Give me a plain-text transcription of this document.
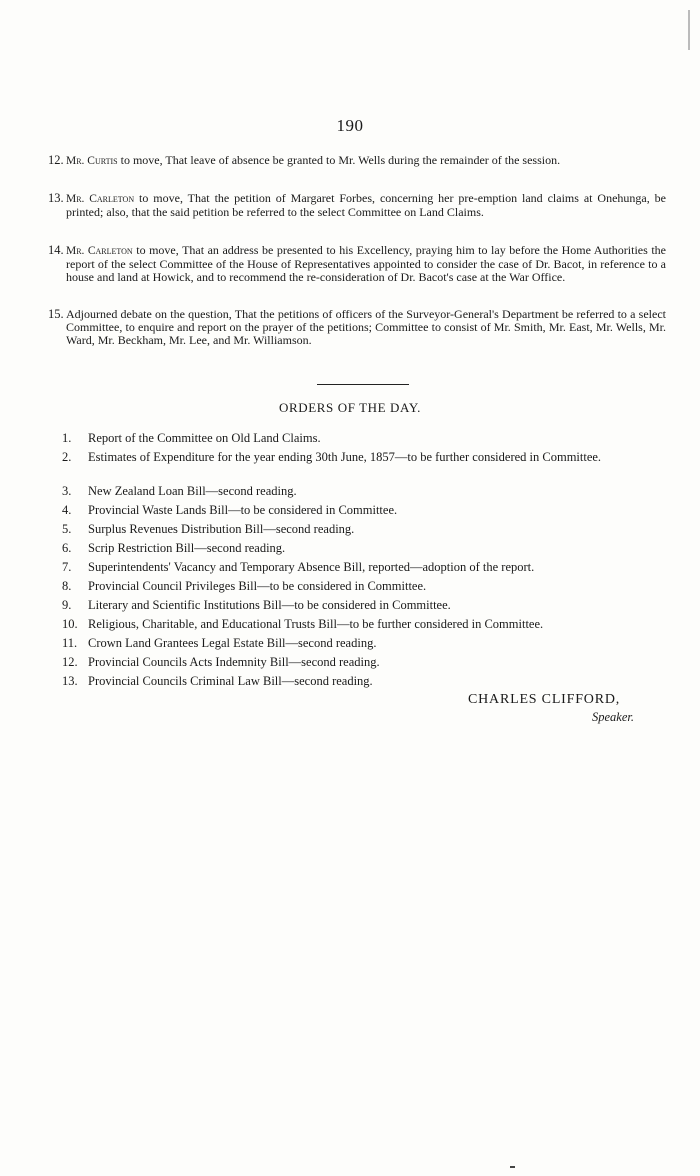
190
12. Mr. Curtis to move, That leave of absence be granted to Mr. Wells during the remainder of the session.
13. Mr. Carleton to move, That the petition of Margaret Forbes, concerning her pre-emption land claims at Onehunga, be printed; also, that the said petition be referred to the select Committee on Land Claims.
14. Mr. Carleton to move, That an address be presented to his Excellency, praying him to lay before the Home Authorities the report of the select Committee of the House of Representatives appointed to consider the case of Dr. Bacot, in reference to a house and land at Howick, and to recommend the re-consideration of Dr. Bacot's case at the War Office.
15. Adjourned debate on the question, That the petitions of officers of the Surveyor-General's Department be referred to a select Committee, to enquire and report on the prayer of the petitions; Committee to consist of Mr. Smith, Mr. East, Mr. Wells, Mr. Ward, Mr. Beckham, Mr. Lee, and Mr. Williamson.
ORDERS OF THE DAY.
1. Report of the Committee on Old Land Claims.
2. Estimates of Expenditure for the year ending 30th June, 1857—to be further considered in Committee.
3. New Zealand Loan Bill—second reading.
4. Provincial Waste Lands Bill—to be considered in Committee.
5. Surplus Revenues Distribution Bill—second reading.
6. Scrip Restriction Bill—second reading.
7. Superintendents' Vacancy and Temporary Absence Bill, reported—adoption of the report.
8. Provincial Council Privileges Bill—to be considered in Committee.
9. Literary and Scientific Institutions Bill—to be considered in Committee.
10. Religious, Charitable, and Educational Trusts Bill—to be further considered in Committee.
11. Crown Land Grantees Legal Estate Bill—second reading.
12. Provincial Councils Acts Indemnity Bill—second reading.
13. Provincial Councils Criminal Law Bill—second reading.
CHARLES CLIFFORD,
Speaker.
